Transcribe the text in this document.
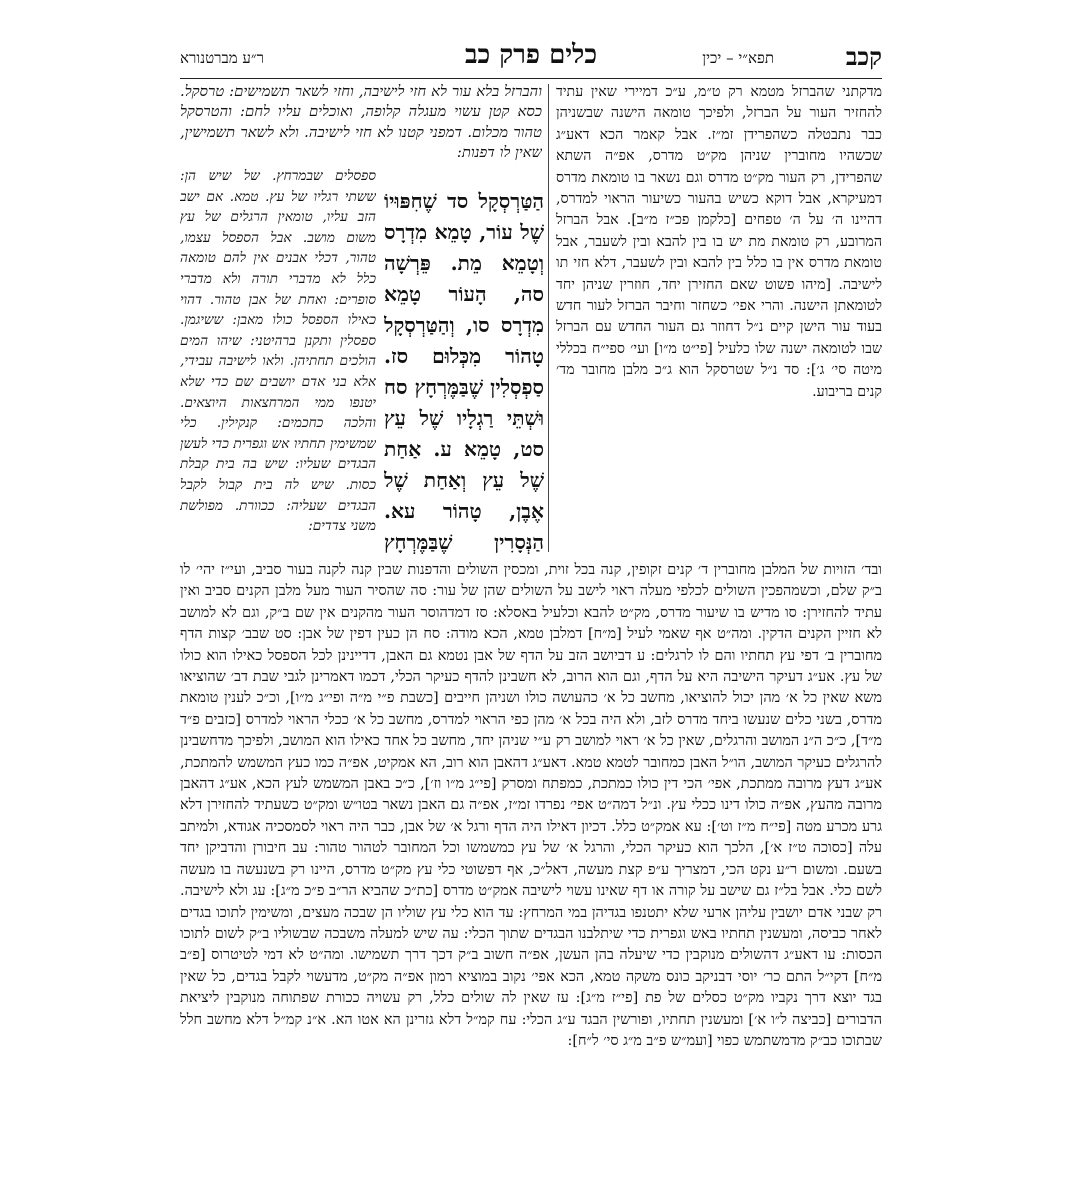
קכב
תפא״י – יכין
כלים פרק כב
ר״ע מברטנורא

מדקתני שהברזל מטמא רק ט״מ, ע״כ דמיירי שאין עתיד להחזיר העור על הברזל, ולפיכך טומאה הישנה שבשניהן כבר נתבטלה כשהפרידן זמ״ז. אבל קאמר הכא דאע״ג שכשהיו מחוברין שניהן מק״ט מדרס, אפ״ה השתא שהפרידן, רק העור מק״ט מדרס וגם נשאר בו טומאת מדרס דמעיקרא, אבל דוקא כשיש בהעור כשיעור הראוי למדרס, דהיינו ה׳ על ה׳ טפחים [כלקמן פכ״ז מ״ב]. אבל הברזל המרובע, רק טומאת מת יש בו בין להבא ובין לשעבר, אבל טומאת מדרס אין בו כלל בין להבא ובין לשעבר, דלא חזי תו לישיבה. [מיהו פשוט שאם החזירן יחד, חוזרין שניהן יחד לטומאתן הישנה. והרי אפי׳ כשחזר וחיבר הברזל לעור חדש בעוד עור הישן קיים נ״ל דחוזר גם העור החדש עם הברזל שבו לטומאה ישנה שלו כלעיל [פי״ט מ״ו] ועי׳ ספי״ח בכללי מיטה סי׳ ג׳]: סד נ״ל שטרסקל הוא ג״כ מלבן מחובר מד׳ קנים בריבוע.

והברזל בלא עור לא חזי לישיבה, וחזי לשאר תשמישים: טרסקל. כסא קטן עשוי מעגלה קלופה, ואוכלים עליו לחם: והטרסקל טהור מכלום. דמפני קטנו לא חזי לישיבה. ולא לשאר תשמישין, שאין לו דפנות:

הַטַּרְסְקָל סד שֶׁחִפּוּיוֹ שֶׁל עוֹר, טָמֵא מִדְרָס וְטָמֵא מֵת. פֵּרְשָׁה סה, הָעוֹר טָמֵא מִדְרָס סו, וְהַטַּרְסְקָל טָהוֹר מִכְּלוּם סז. סַפְסְלִין שֶׁבַּמֶּרְחָץ סח וּשְׁתֵּי רַגְלָיו שֶׁל עֵץ סט, טָמֵא ע. אַחַת שֶׁל עֵץ וְאַחַת שֶׁל אֶבֶן, טָהוֹר עא. הַנְּסָרִין שֶׁבַּמֶּרְחָץ

ספסלים שבמרחץ. של שיש הן: ששתי רגליו של עץ. טמא. אם ישב הזב עליו, טומאין הרגלים של עץ משום מושב. אבל הספסל עצמו, טהור, דכלי אבנים אין להם טומאה כלל לא מדברי תורה ולא מדברי סופרים: ואחת של אבן טהור. דהוי כאילו הספסל כולו מאבן: ששיגמן. ספסלין ותקנן ברהיטני: שיהו המים הולכים תחתיהן. ולאו לישיבה עבידי, אלא בני אדם יושבים שם כדי שלא יטנפו ממי המרחצאות היוצאים. והלכה כחכמים: קנקילין. כלי שמשימין תחתיו אש וגפרית כדי לעשן הבגדים שעליו: שיש בה בית קבלת כסות. שיש לה בית קבול לקבל הבגדים שעליה: ככוורת. מפולשת משני צדדים:

ובד׳ הזויות של המלבן מחוברין ד׳ קנים זקופין, קנה בכל זוית, ומכסין השולים והדפנות שבין קנה לקנה בעור סביב, ועי״ז יהי׳ לו ב״ק שלם, וכשמהפכין השולים לכלפי מעלה ראוי לישב על השולים שהן של עור: סה שהסיר העור מעל מלבן הקנים סביב ואין עתיד להחזירן: סו מדיש בו שיעור מדרס, מק״ט להבא וכלעיל באסלא: סז דמדהוסר העור מהקנים אין שם ב״ק, וגם לא למושב לא חזיין הקנים הדקין. ומה״ט אף שאמי לעיל [מ״ח] דמלבן טמא, הכא מודה: סח הן כעין דפין של אבן: סט שבב׳ קצות הדף מחוברין ב׳ דפי עץ תחתיו והם לו לרגלים: ע דביושב הזב על הדף של אבן נטמא גם האבן, דדיינינן לכל הספסל כאילו הוא כולו של עץ. אע״ג דעיקר הישיבה היא על הדף, וגם הוא הרוב, לא חשבינן להדף כעיקר הכלי, דכמו דאמרינן לגבי שבת דב׳ שהוציאו משא שאין כל א׳ מהן יכול להוציאו, מחשב כל א׳ כהעושה כולו ושניהן חייבים [כשבת פ״י מ״ה ופי״ג מ״ו], וכ״כ לענין טומאת מדרס, בשני כלים שנעשו ביחד מדרס לזב, ולא היה בכל א׳ מהן כפי הראוי למדרס, מחשב כל א׳ ככלי הראוי למדרס [כזבים פ״ד מ״ד], כ״כ ה״נ המושב והרגלים, שאין כל א׳ ראוי למושב רק ע״י שניהן יחד, מחשב כל אחד כאילו הוא המושב, ולפיכך מדחשבינן להרגלים כעיקר המושב, הו״ל האבן כמחובר לטמא טמא. דאע״ג דהאבן הוא רוב, הא אמקיט, אפ״ה כמו כעץ המשמש להמתכת, אע״ג דעץ מרובה ממתכת, אפי׳ הכי דין כולו כמתכת, כמפתח ומסרק [פי״ג מ״ו וז׳], כ״כ באבן המשמש לעץ הכא, אע״ג דהאבן מרובה מהעץ, אפ״ה כולו דינו ככלי עץ. ונ״ל דמה״ט אפי׳ נפרדו זמ״ז, אפ״ה גם האבן נשאר בטו״ש ומק״ט כשעתיד להחזירן דלא גרע מכרע מטה [פי״ח מ״ז וט׳]: עא אמק״ט כלל. דכיון דאילו היה הדף ורגל א׳ של אבן, כבר היה ראוי לסמסכיה אגודא, ולמיתב עלה [כסוכה ט״ז א׳], הלכך הוא כעיקר הכלי, והרגל א׳ של עץ כמשמשו וכל המחובר לטהור טהור: עב חיבורן והדביקן יחד בשעם. ומשום ר״ע נקט הכי, דמצריך ע״פ קצת מעשה, דאל״כ, אף דפשוטי כלי עץ מק״ט מדרס, היינו רק בשנעשה בו מעשה לשם כלי. אבל בל״ז גם שישב על קורה או דף שאינו עשוי לישיבה אמק״ט מדרס [כת״כ שהביא הר״ב פ״כ מ״ג]: עג ולא לישיבה. רק שבני אדם יושבין עליהן ארעי שלא יתטנפו בגדיהן במי המרחץ: עד הוא כלי עץ שוליו הן שבכה מעצים, ומשימין לתוכו בגדים לאחר כביסה, ומעשנין תחתיו באש וגפרית כדי שיתלבנו הבגדים שתוך הכלי: עה שיש למעלה משבכה שבשוליו ב״ק לשום לתוכו הכסות: עו דאע״ג דהשולים מנוקבין כדי שיעלה בהן העשן, אפ״ה חשוב ב״ק דכך דרך תשמישו. ומה״ט לא דמי לטיטרוס [פ״ב מ״ח] דקי״ל התם כר׳ יוסי דבניקב כונס משקה טמא, הכא אפי׳ נקוב במוציא רמון אפ״ה מק״ט, מדעשוי לקבל בגדים, כל שאין בגד יוצא דרך נקביו מק״ט כסלים של פת [פי״ז מ״ג]: עז שאין לה שולים כלל, רק עשויה ככורת שפתוחה מנוקבין ליציאת הדבורים [כביצה ל״ו א׳] ומעשנין תחתיו, ופורשין הבגד ע״ג הכלי: עח קמ״ל דלא גזרינן הא אטו הא. א״נ קמ״ל דלא מחשב חלל שבתוכו כב״ק מדמשתמש כפוי [ועמ״ש פ״ב מ״ג סי׳ ל״ח]:
